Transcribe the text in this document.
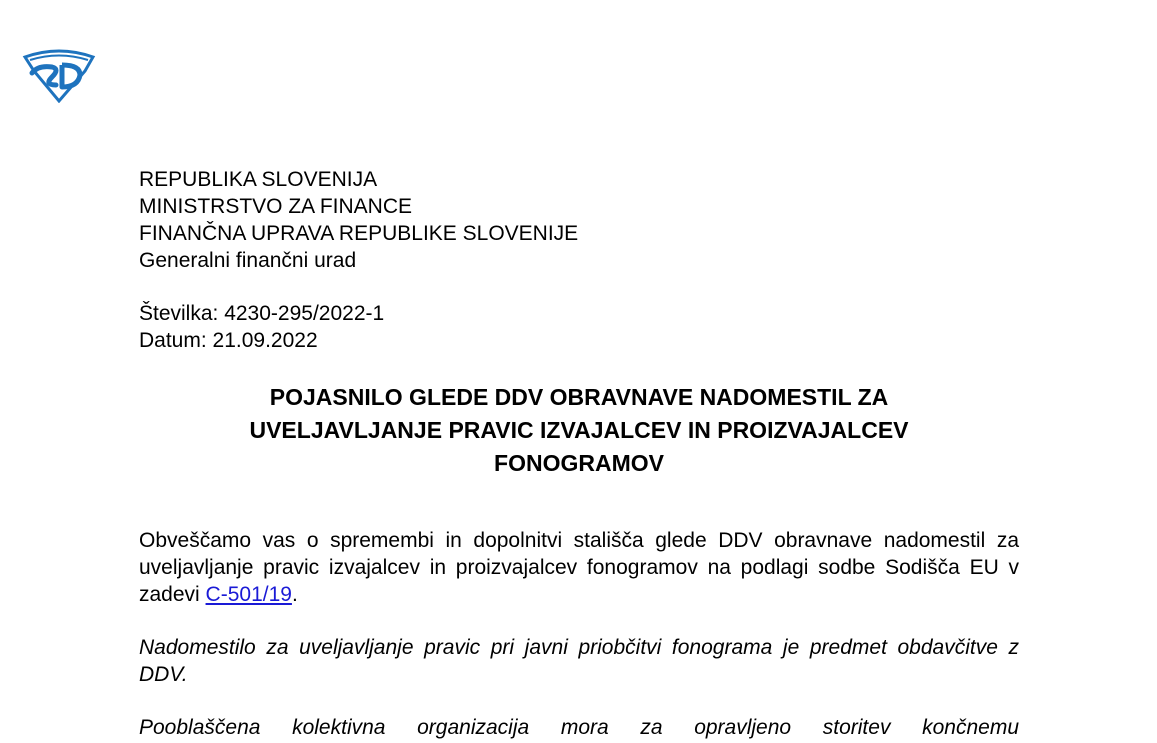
REPUBLIKA SLOVENIJA
MINISTRSTVO ZA FINANCE
FINANČNA UPRAVA REPUBLIKE SLOVENIJE
Generalni finančni urad
Številka: 4230-295/2022-1
Datum: 21.09.2022
POJASNILO GLEDE DDV OBRAVNAVE NADOMESTIL ZA
UVELJAVLJANJE PRAVIC IZVAJALCEV IN PROIZVAJALCEV
FONOGRAMOV
Obveščamo vas o spremembi in dopolnitvi stališča glede DDV obravnave nadomestil za uveljavljanje pravic izvajalcev in proizvajalcev fonogramov na podlagi sodbe Sodišča EU v zadevi C-501/19.
Nadomestilo za uveljavljanje pravic pri javni priobčitvi fonograma je predmet obdavčitve z DDV.
Pooblaščena kolektivna organizacija mora za opravljeno storitev končnemu
